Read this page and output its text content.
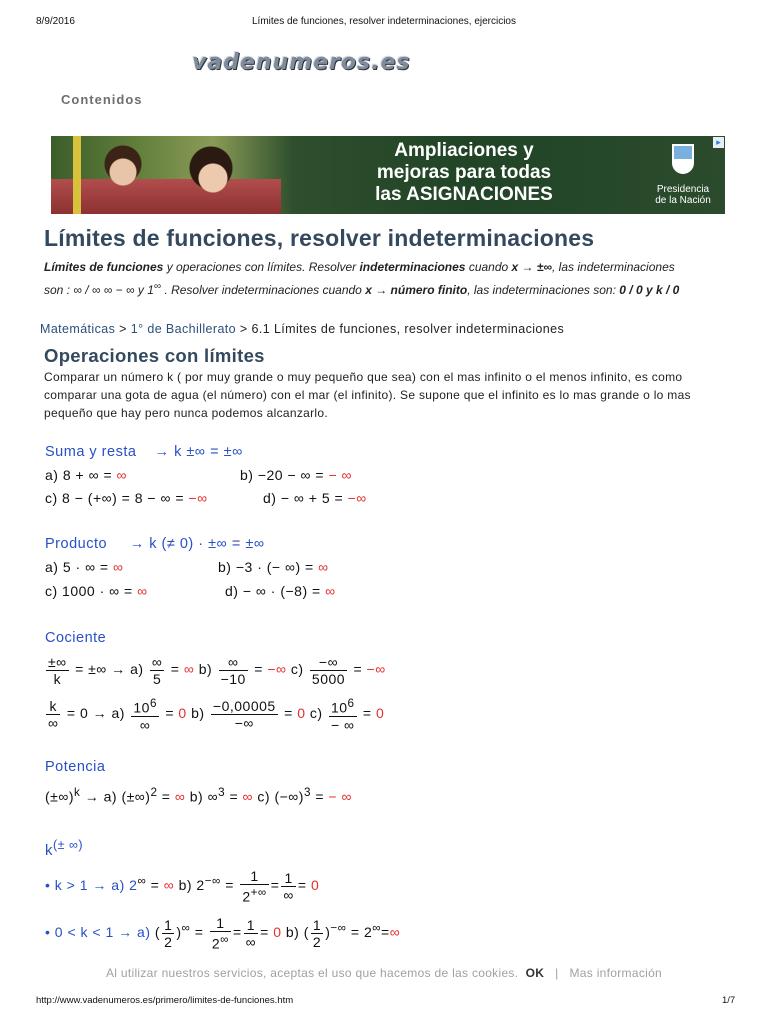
8/9/2016	Límites de funciones, resolver indeterminaciones, ejercicios
vadenumeros.es
Contenidos
Ampliaciones y
mejoras para todas
las ASIGNACIONES	Presidencia
de la Nación
▸
Límites de funciones, resolver indeterminaciones
Límites de funciones y operaciones con límites. Resolver indeterminaciones cuando x → ±∞, las indeterminaciones son : ∞ / ∞ ∞ − ∞ y 1∞ . Resolver indeterminaciones cuando x → número finito, las indeterminaciones son: 0 / 0 y k / 0
Matemáticas > 1° de Bachillerato > 6.1 Límites de funciones, resolver indeterminaciones
Operaciones con límites
Comparar un número k ( por muy grande o muy pequeño que sea) con el mas infinito o el menos infinito, es como comparar una gota de agua (el número) con el mar (el infinito). Se supone que el infinito es lo mas grande o lo mas pequeño que hay pero nunca podemos alcanzarlo.
Suma y resta → k ±∞ = ±∞
a) 8 + ∞ = ∞	b) −20 − ∞ = − ∞
c) 8 − (+∞) = 8 − ∞ = −∞	d) − ∞ + 5 = −∞
Producto → k (≠ 0) · ±∞ = ±∞
a) 5 · ∞ = ∞	b) −3 · (− ∞) = ∞
c) 1000 · ∞ = ∞	d) − ∞ · (−8) = ∞
Cociente
$\frac{\pm\infty}{k}$ = ±∞ → $a) \frac{\infty}{5}$ = ∞ $b) \frac{\infty}{-10}$ = −∞ $c) \frac{-\infty}{5000}$ = −∞
$\frac{k}{\infty} = 0 \to a) \frac{10^6}{\infty} = 0$ $b) \frac{-0,00005}{-\infty} = 0$ $c) \frac{10^6}{- \infty} = 0$
Potencia
(±∞)$^k$ → a) (±∞)$^2$ = ∞ b) ∞$^3$ = ∞ c) (−∞)$^3$ = − ∞
k(± ∞)
• k > 1 → a) 2∞ = ∞ b) $2^{-\infty} = \frac{1}{2^{+\infty}} = \frac{1}{\infty} = 0$
• 0 < k < 1 → a) ( $\frac{1}{2} )^\infty = \frac{1}{2^\infty} = \frac{1}{\infty} = 0$ b) ( $\frac{1}{2} )^{-\infty} = 2^\infty=\infty$
Al utilizar nuestros servicios, aceptas el uso que hacemos de las cookies. OK | Mas información
http://www.vadenumeros.es/primero/limites-de-funciones.htm	1/7
